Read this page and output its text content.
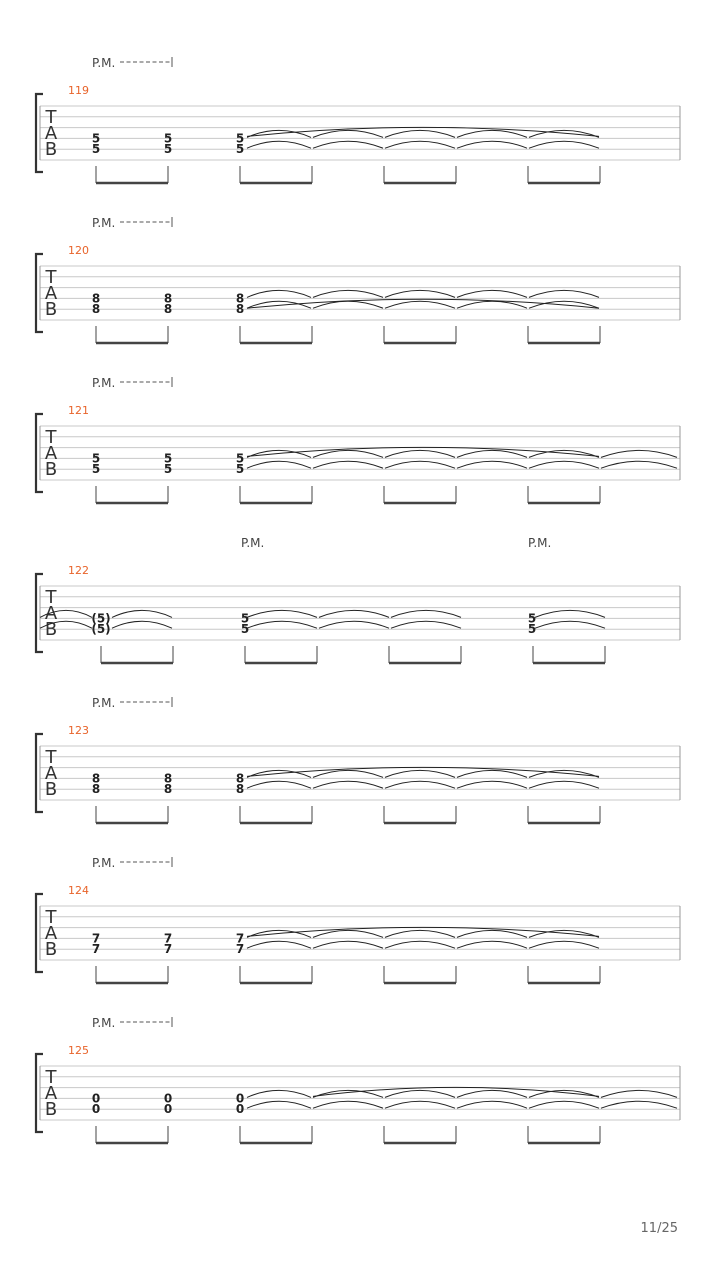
T
A
B
119
P.M.
5
5
5
5
5
5
T
A
B
120
P.M.
8
8
8
8
8
8
T
A
B
121
P.M.
5
5
5
5
5
5
T
A
B
122
P.M.	P.M.
(5)
(5)
5
5
5
5
T
A
B
123
P.M.
8
8
8
8
8
8
T
A
B
124
P.M.
7
7
7
7
7
7
T
A
B
125
P.M.
0
0
0
0
0
0
11/25
